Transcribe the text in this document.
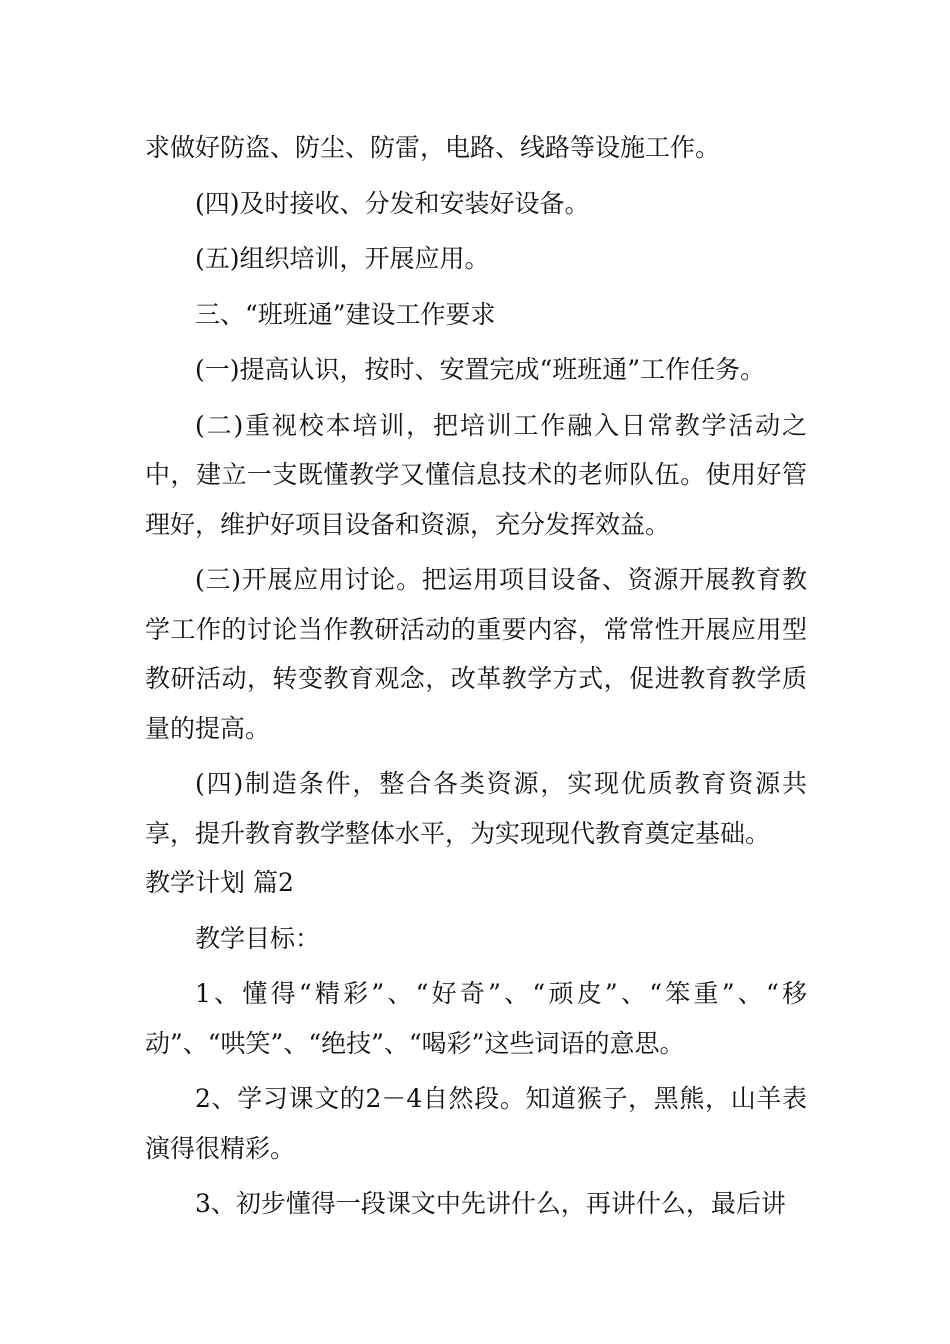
求做好防盗、防尘、防雷，电路、线路等设施工作。

(四)及时接收、分发和安装好设备。

(五)组织培训，开展应用。

三、“班班通”建设工作要求

(一)提高认识，按时、安置完成“班班通”工作任务。

(二)重视校本培训，把培训工作融入日常教学活动之中，建立一支既懂教学又懂信息技术的老师队伍。使用好管理好，维护好项目设备和资源，充分发挥效益。

(三)开展应用讨论。把运用项目设备、资源开展教育教学工作的讨论当作教研活动的重要内容，常常性开展应用型教研活动，转变教育观念，改革教学方式，促进教育教学质量的提高。

(四)制造条件，整合各类资源，实现优质教育资源共享，提升教育教学整体水平，为实现现代教育奠定基础。

教学计划 篇2

教学目标：

1、懂得“精彩”、“好奇”、“顽皮”、“笨重”、“移动”、“哄笑”、“绝技”、“喝彩”这些词语的意思。

2、学习课文的2－4自然段。知道猴子，黑熊，山羊表演得很精彩。

3、初步懂得一段课文中先讲什么，再讲什么，最后讲
